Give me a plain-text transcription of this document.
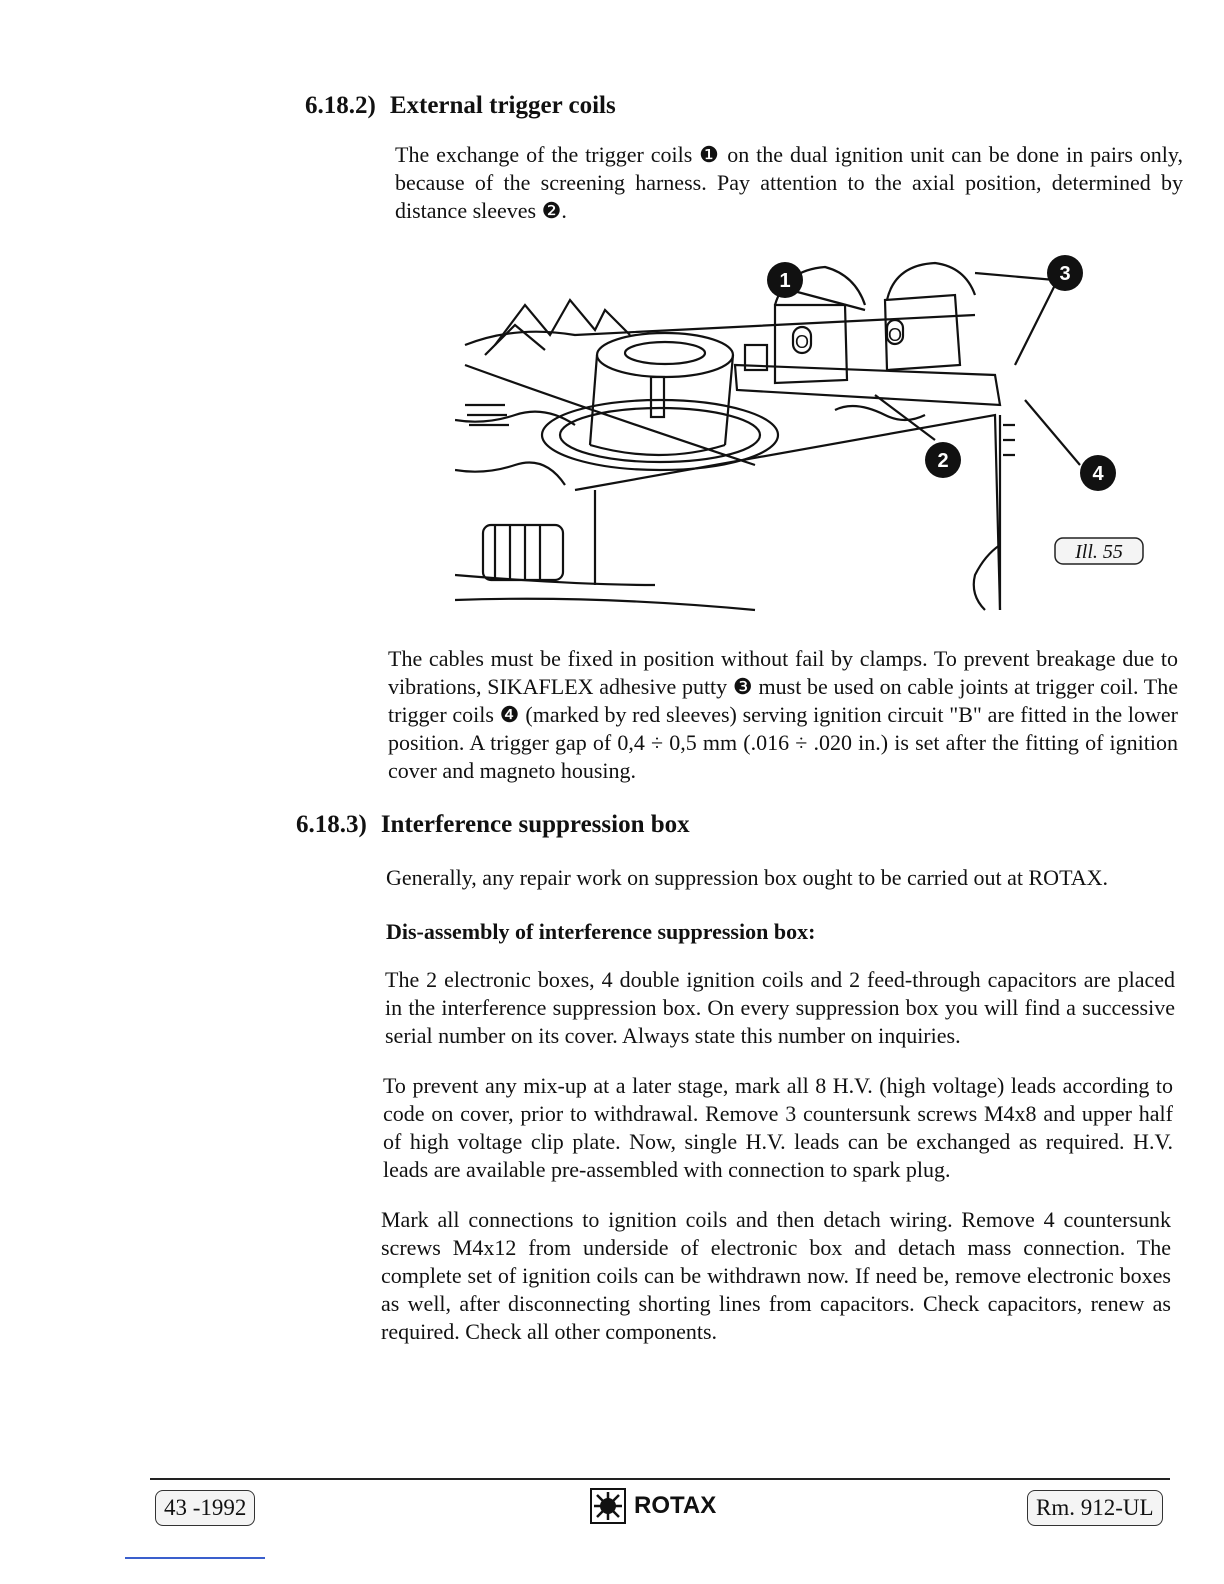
6.18.2) External trigger coils

The exchange of the trigger coils ❶ on the dual ignition unit can be done in pairs only, because of the screening harness. Pay attention to the axial position, determined by distance sleeves ❷.

1	3
2
4
O	O
Ill. 55

The cables must be fixed in position without fail by clamps. To prevent breakage due to vibrations, SIKAFLEX adhesive putty ❸ must be used on cable joints at trigger coil. The trigger coils ❹ (marked by red sleeves) serving ignition circuit "B" are fitted in the lower position. A trigger gap of 0,4 ÷ 0,5 mm (.016 ÷ .020 in.) is set after the fitting of ignition cover and magneto housing.

6.18.3) Interference suppression box

Generally, any repair work on suppression box ought to be carried out at ROTAX.

Dis-assembly of interference suppression box:

The 2 electronic boxes, 4 double ignition coils and 2 feed-through capacitors are placed in the interference suppression box. On every suppression box you will find a successive serial number on its cover. Always state this number on inquiries.

To prevent any mix-up at a later stage, mark all 8 H.V. (high voltage) leads according to code on cover, prior to withdrawal. Remove 3 countersunk screws M4x8 and upper half of high voltage clip plate. Now, single H.V. leads can be exchanged as required. H.V. leads are available pre-assembled with connection to spark plug.

Mark all connections to ignition coils and then detach wiring. Remove 4 countersunk screws M4x12 from underside of electronic box and detach mass connection. The complete set of ignition coils can be withdrawn now. If need be, remove electronic boxes as well, after disconnecting shorting lines from capacitors. Check capacitors, renew as required. Check all other components.

43 -1992	ROTAX	Rm. 912-UL
